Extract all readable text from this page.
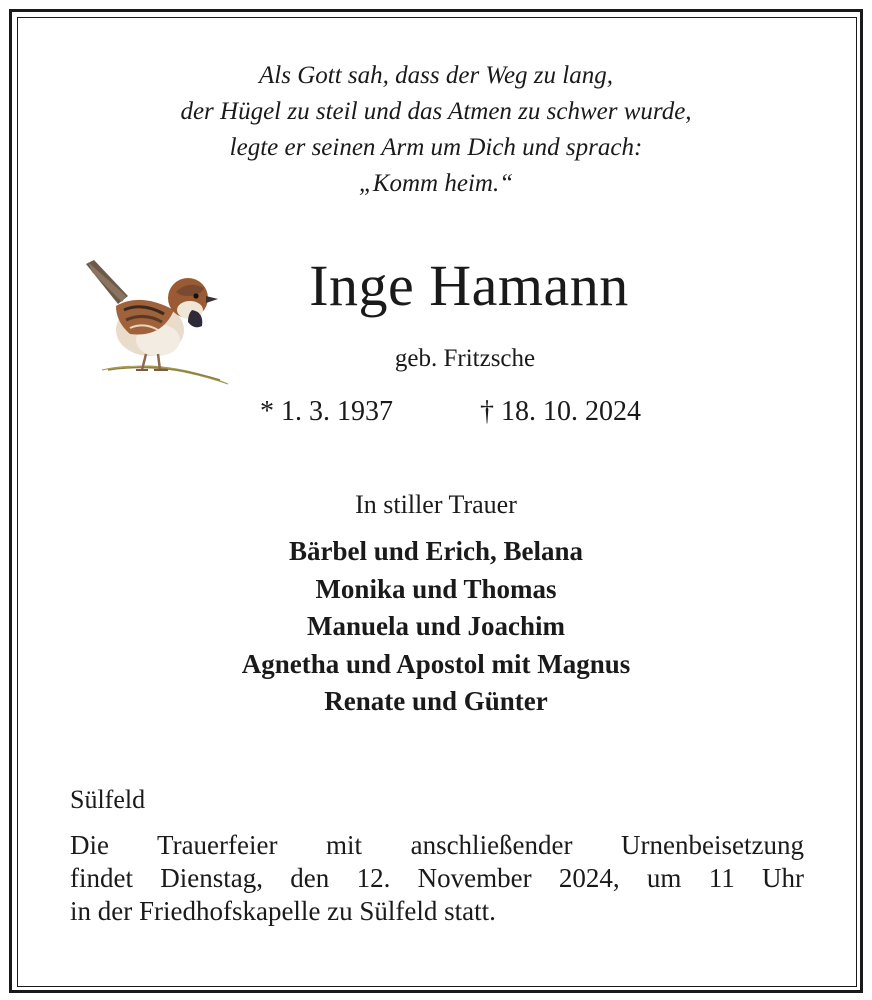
Als Gott sah, dass der Weg zu lang,
der Hügel zu steil und das Atmen zu schwer wurde,
legte er seinen Arm um Dich und sprach:
„Komm heim.“
Inge Hamann
geb. Fritzsche
* 1. 3. 1937	† 18. 10. 2024
In stiller Trauer
Bärbel und Erich, Belana
Monika und Thomas
Manuela und Joachim
Agnetha und Apostol mit Magnus
Renate und Günter
Sülfeld
Die Trauerfeier mit anschließender Urnenbeisetzung
findet Dienstag, den 12. November 2024, um 11 Uhr
in der Friedhofskapelle zu Sülfeld statt.
